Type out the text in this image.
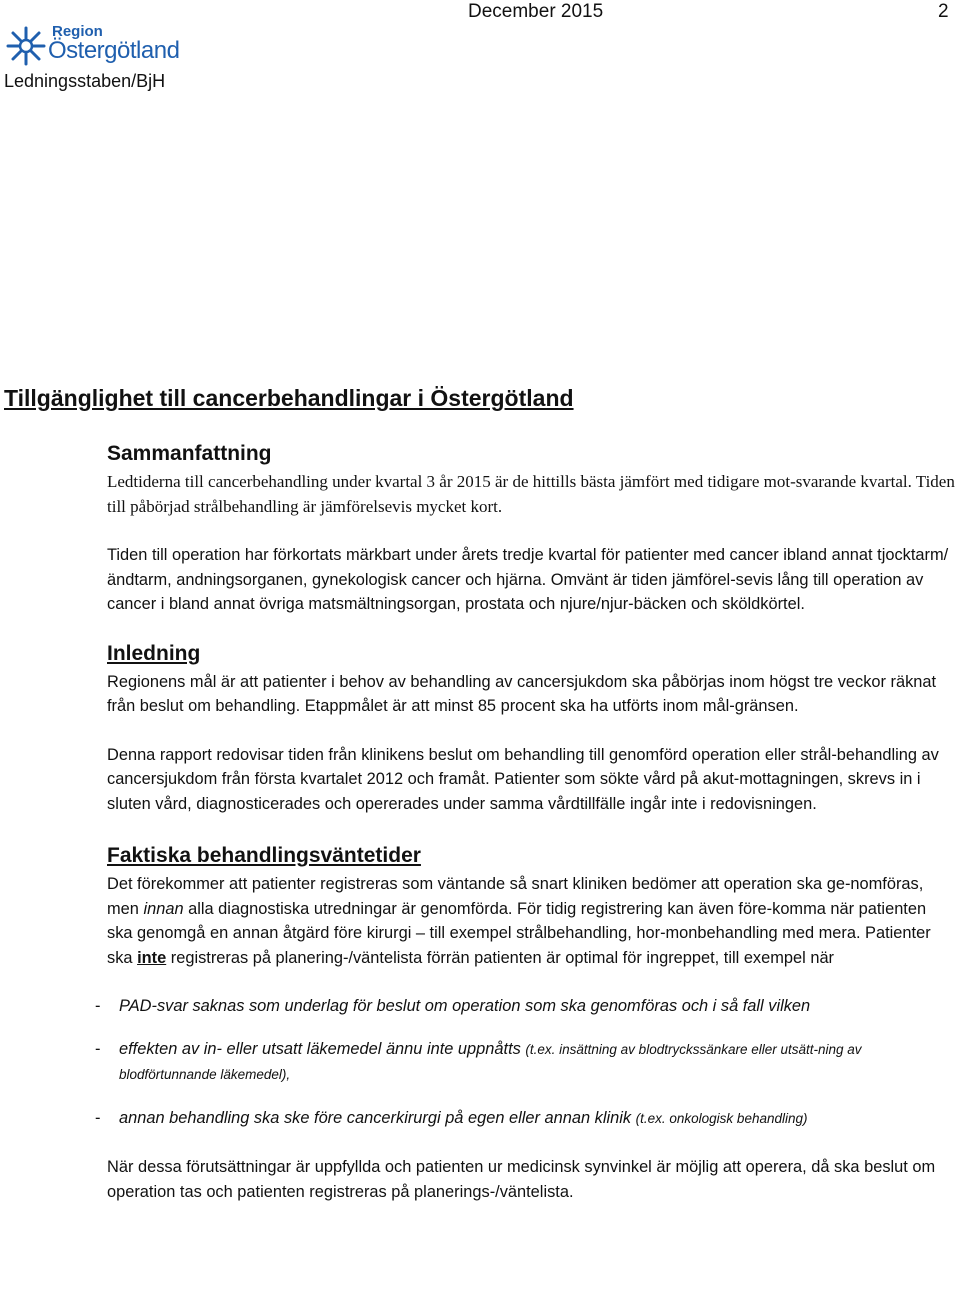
December 2015	2
Region
Östergötland
Ledningsstaben/BjH
Tillgänglighet till cancerbehandlingar i Östergötland
Sammanfattning

Ledtiderna till cancerbehandling under kvartal 3 år 2015 är de hittills bästa jämfört med tidigare mot-svarande kvartal. Tiden till påbörjad strålbehandling är jämförelsevis mycket kort.

Tiden till operation har förkortats märkbart under årets tredje kvartal för patienter med cancer ibland annat tjocktarm/ändtarm, andningsorganen, gynekologisk cancer och hjärna. Omvänt är tiden jämförel-sevis lång till operation av cancer i bland annat övriga matsmältningsorgan, prostata och njure/njur-bäcken och sköldkörtel.

Inledning

Regionens mål är att patienter i behov av behandling av cancersjukdom ska påbörjas inom högst tre veckor räknat från beslut om behandling. Etappmålet är att minst 85 procent ska ha utförts inom mål-gränsen.

Denna rapport redovisar tiden från klinikens beslut om behandling till genomförd operation eller strål-behandling av cancersjukdom från första kvartalet 2012 och framåt. Patienter som sökte vård på akut-mottagningen, skrevs in i sluten vård, diagnosticerades och opererades under samma vårdtillfälle ingår inte i redovisningen.

Faktiska behandlingsväntetider

Det förekommer att patienter registreras som väntande så snart kliniken bedömer att operation ska ge-nomföras, men innan alla diagnostiska utredningar är genomförda. För tidig registrering kan även före-komma när patienten ska genomgå en annan åtgärd före kirurgi – till exempel strålbehandling, hor-monbehandling med mera. Patienter ska inte registreras på planering-/väntelista förrän patienten är optimal för ingreppet, till exempel när

- PAD-svar saknas som underlag för beslut om operation som ska genomföras och i så fall vilken
- effekten av in- eller utsatt läkemedel ännu inte uppnåtts (t.ex. insättning av blodtryckssänkare eller utsätt-ning av blodförtunnande läkemedel),
- annan behandling ska ske före cancerkirurgi på egen eller annan klinik (t.ex. onkologisk behandling)

När dessa förutsättningar är uppfyllda och patienten ur medicinsk synvinkel är möjlig att operera, då ska beslut om operation tas och patienten registreras på planerings-/väntelista.
